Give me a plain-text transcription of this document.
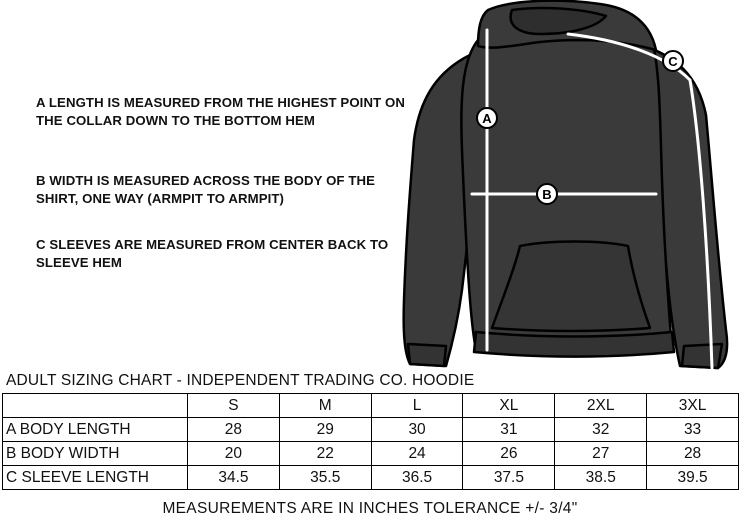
A LENGTH IS MEASURED FROM THE HIGHEST POINT ON THE COLLAR DOWN TO THE BOTTOM HEM

B WIDTH IS MEASURED ACROSS THE BODY OF THE SHIRT, ONE WAY (ARMPIT TO ARMPIT)

C SLEEVES ARE MEASURED FROM CENTER BACK TO SLEEVE HEM

A
B
C
ADULT SIZING CHART - INDEPENDENT TRADING CO. HOODIE
	S	M	L	XL	2XL	3XL
A BODY LENGTH	28	29	30	31	32	33
B BODY WIDTH	20	22	24	26	27	28
C SLEEVE LENGTH	34.5	35.5	36.5	37.5	38.5	39.5
MEASUREMENTS ARE IN INCHES TOLERANCE +/- 3/4"
